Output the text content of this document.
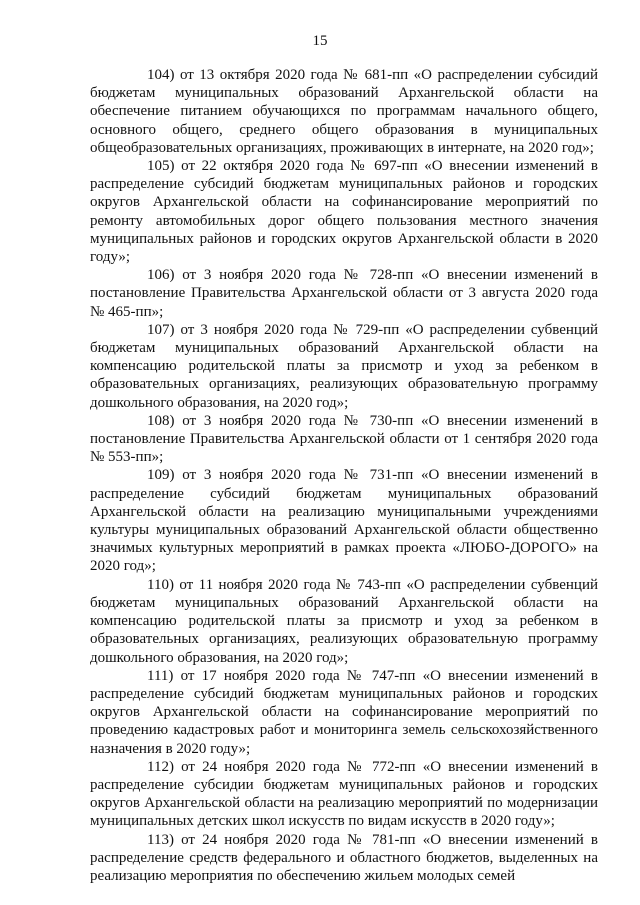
15

104) от 13 октября 2020 года № 681-пп «О распределении субсидий бюджетам муниципальных образований Архангельской области на обеспечение питанием обучающихся по программам начального общего, основного общего, среднего общего образования в муниципальных общеобразовательных организациях, проживающих в интернате, на 2020 год»;

105) от 22 октября 2020 года № 697-пп «О внесении изменений в распределение субсидий бюджетам муниципальных районов и городских округов Архангельской области на софинансирование мероприятий по ремонту автомобильных дорог общего пользования местного значения муниципальных районов и городских округов Архангельской области в 2020 году»;

106) от 3 ноября 2020 года № 728-пп «О внесении изменений в постановление Правительства Архангельской области от 3 августа 2020 года № 465-пп»;

107) от 3 ноября 2020 года № 729-пп «О распределении субвенций бюджетам муниципальных образований Архангельской области на компенсацию родительской платы за присмотр и уход за ребенком в образовательных организациях, реализующих образовательную программу дошкольного образования, на 2020 год»;

108) от 3 ноября 2020 года № 730-пп «О внесении изменений в постановление Правительства Архангельской области от 1 сентября 2020 года № 553-пп»;

109) от 3 ноября 2020 года № 731-пп «О внесении изменений в распределение субсидий бюджетам муниципальных образований Архангельской области на реализацию муниципальными учреждениями культуры муниципальных образований Архангельской области общественно значимых культурных мероприятий в рамках проекта «ЛЮБО-ДОРОГО» на 2020 год»;

110) от 11 ноября 2020 года № 743-пп «О распределении субвенций бюджетам муниципальных образований Архангельской области на компенсацию родительской платы за присмотр и уход за ребенком в образовательных организациях, реализующих образовательную программу дошкольного образования, на 2020 год»;

111) от 17 ноября 2020 года № 747-пп «О внесении изменений в распределение субсидий бюджетам муниципальных районов и городских округов Архангельской области на софинансирование мероприятий по проведению кадастровых работ и мониторинга земель сельскохозяйственного назначения в 2020 году»;

112) от 24 ноября 2020 года № 772-пп «О внесении изменений в распределение субсидии бюджетам муниципальных районов и городских округов Архангельской области на реализацию мероприятий по модернизации муниципальных детских школ искусств по видам искусств в 2020 году»;

113) от 24 ноября 2020 года № 781-пп «О внесении изменений в распределение средств федерального и областного бюджетов, выделенных на реализацию мероприятия по обеспечению жильем молодых семей
